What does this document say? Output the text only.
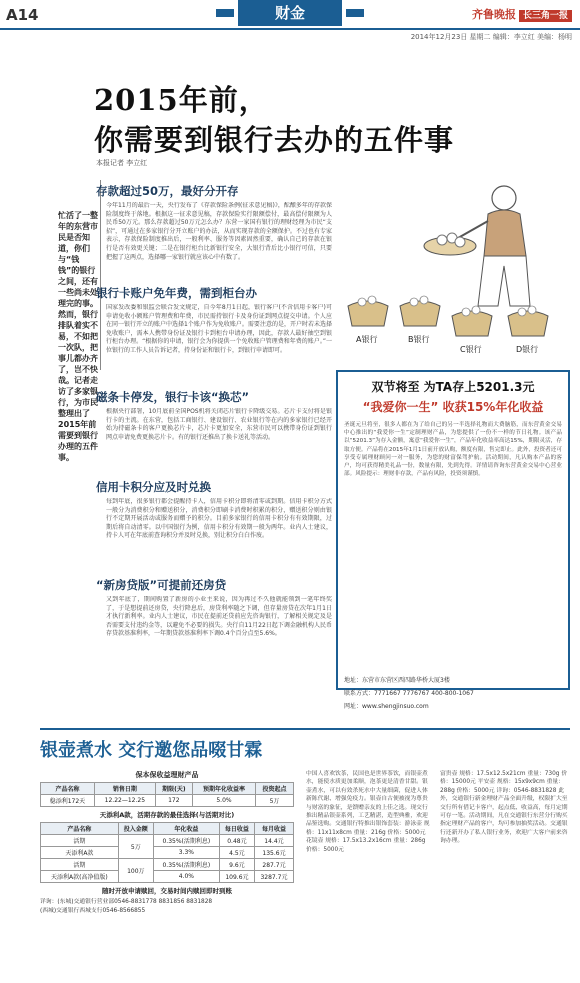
A14	财金	齐鲁晚报 长三角一报
2014年12月23日 星期二 编辑：李立红 美编：杨明
2015年前，
你需要到银行去办的五件事
本报记者 李立红
忙活了一整年的东营市民是否知道，你们与“钱钱”的银行之间，还有一些尚未处理完的事。然而，银行排队着实不易，不如把一次队，把事儿都办齐了，岂不快哉。记者走访了多家银行，为市民整理出了2015年前需要到银行办理的五件事。
存款超过50万，最好分开存
今年11月的最后一天，央行发布了《存款保险条例(征求意见稿)》，酝酿多年的存款保险制度终于落地。根据这一征求意见稿，存款保险实行限额偿付，最高偿付限额为人民币50万元。那么存款超过50万元怎么办？东营一家国有银行的理财经理为市民“支招”，可通过在多家银行分开立账户的办法，从而实现存款的全额保护。不过也有专家表示，存款保险制度推出后，一般利率、服务等因素固然重要，确认自己的存款在银行是否有效更关键；二是在银行柜台比新银行安全，大银行背后比小银行可信，只要把握了这两点，选择哪一家银行就应该心中有数了。
银行卡账户免年费，需到柜台办
国家发改委和银监会联合发文规定，自今年8月1日起，银行客户(不含信用卡客户)可申请免收小额账户管理费和年费，市民需持银行卡及身份证到网点提交申请。个人应在同一银行开立的账户中选择1个账户作为免收账户。需要注意的是，开户时若未选择免收账户，需本人携带身份证及银行卡到柜台申请办理，因此，存款人最好抽空到银行柜台办理。“根据你的申请，银行会为你提供一个免收账户管理费和年费的账户。”一位银行的工作人员告诉记者，持身份证和银行卡，到银行申请即可。
磁条卡停发，银行卡该“换芯”
根据央行部署，10月底前全国POS机将关闭芯片银行卡降级交易。芯片卡支付将是银行卡的主流。在东营，包括工商银行、建设银行、农业银行等在内的多家银行已经开始为持磁条卡的客户更换芯片卡，芯片卡更加安全，东营市民可以携带身份证到银行网点申请免费更换芯片卡。有的银行还推出了换卡送礼等活动。
信用卡积分应及时兑换
每到年底，很多银行都会提醒持卡人，信用卡积分即将清零或到期。信用卡积分方式一般分为消费积分和赠送积分，消费积分即刷卡消费时积累的积分，赠送积分则由银行不定期开展活动或服务而赠予的积分。目前多家银行的信用卡积分有有效期限，过期后将自动清零。以中国银行为例，信用卡积分有效期一般为两年。业内人士建议，持卡人可在年底前查询积分并及时兑换，别让积分白白作废。
“新房贷版”可提前还房贷
又到年底了，期间购置了新房的小业主来说，因为再过不久他就能领到一笔年终奖了，于是想提前还房贷，央行降息后，房贷利率随之下调，但存量房贷在次年1月1日才执行新利率。业内人士建议，市民在提前还贷前应先咨询银行，了解相关规定及是否需要支付违约金等，以避免不必要的损失。央行自11月22日起下调金融机构人民币存贷款基准利率，一年期贷款基准利率下调0.4个百分点至5.6%。
A银行	B银行
C银行	D银行
双节将至 为TA存上5201.3元
“我爱你一生” 收获15%年化收益
圣诞元旦将至，很多人都在为了给自己的另一半选择礼物而大费脑筋，而东营黄金交易中心推出的“我爱你一生”定制理财产品，为您提供了一份不一样的节日礼物。该产品以“5201.3”为存入金额，寓意“我爱你一生”，产品年化收益率高达15%，期限灵活，存取方便。产品将在2015年1月1日前开放认购，额度有限，售完即止。此外，投资者还可享受专属理财顾问一对一服务，为您的财富保驾护航。活动期间，凡认购本产品的客户，均可获得精美礼品一份，数量有限，先到先得。详情请咨询东营黄金交易中心营业部。风险提示：理财非存款，产品有风险，投资须谨慎。
地址：东营市东营区西四路华桥大厦3楼
联系方式：7771667 7776767 400-800-1067
网址：www.shengjinsuo.com
银壶煮水 交行邀您品啜甘霖
保本保收益理财产品
产品名称	销售日期	期限(天)	预期年化收益率	投资起点
稳添利172天	12.22—12.25	172	5.0%	5万
天添利A款，活期存款的最佳选择(与活期对比)
产品名称	投入金额	年化收益	每日收益	每月收益
活期	5万	0.35%(活期利息)	0.48元	14.4元
天添利A款		3.3%	4.5元	135.6元
活期	100万	0.35%(活期利息)	9.6元	287.7元
天添利A款(高净值版)		4.0%	109.6元	3287.7元
随时开放申请赎回，交易时间内赎回即时到账
详询：(东城)交通银行营业部0546-8831778 8831856 8831828
(西城)交通银行西城支行0546-8566855
中国人喜欢饮茶，民国也是世界茶饮，而银壶煮水，能使水质更加柔顺，泡茶更是清香甘甜。银壶煮水，可以有效杀死水中大量细菌，促进人体新陈代谢、增强免疫力。银壶自古便被视为尊贵与财富的象征，是馈赠亲友的上佳之选。现交行推出精品银壶系列，工艺精湛，造型典雅，欢迎品鉴选购。交通银行特推出银饰套装：游泳壶 规格：11x11x8cm 重量：216g 价格：5000元 花镜壶 规格：17.5x13.2x16cm 重量：286g 价格：5000元
富贵壶 规格：17.5x12.5x21cm 重量：730g 价格：15000元 平安壶 规格：15x9x9cm 重量：288g 价格：5000元 详询：0546-8831828 此外，交通银行新金理财产品全面升级，权限扩大至交行所有借记卡客户，起点低、收益高，每月定期可存一笔。活动期间，凡在交通银行东营分行购买指定理财产品的客户，均可参加抽奖活动。交通银行还新开办了私人银行业务，欢迎广大客户前来咨询办理。
